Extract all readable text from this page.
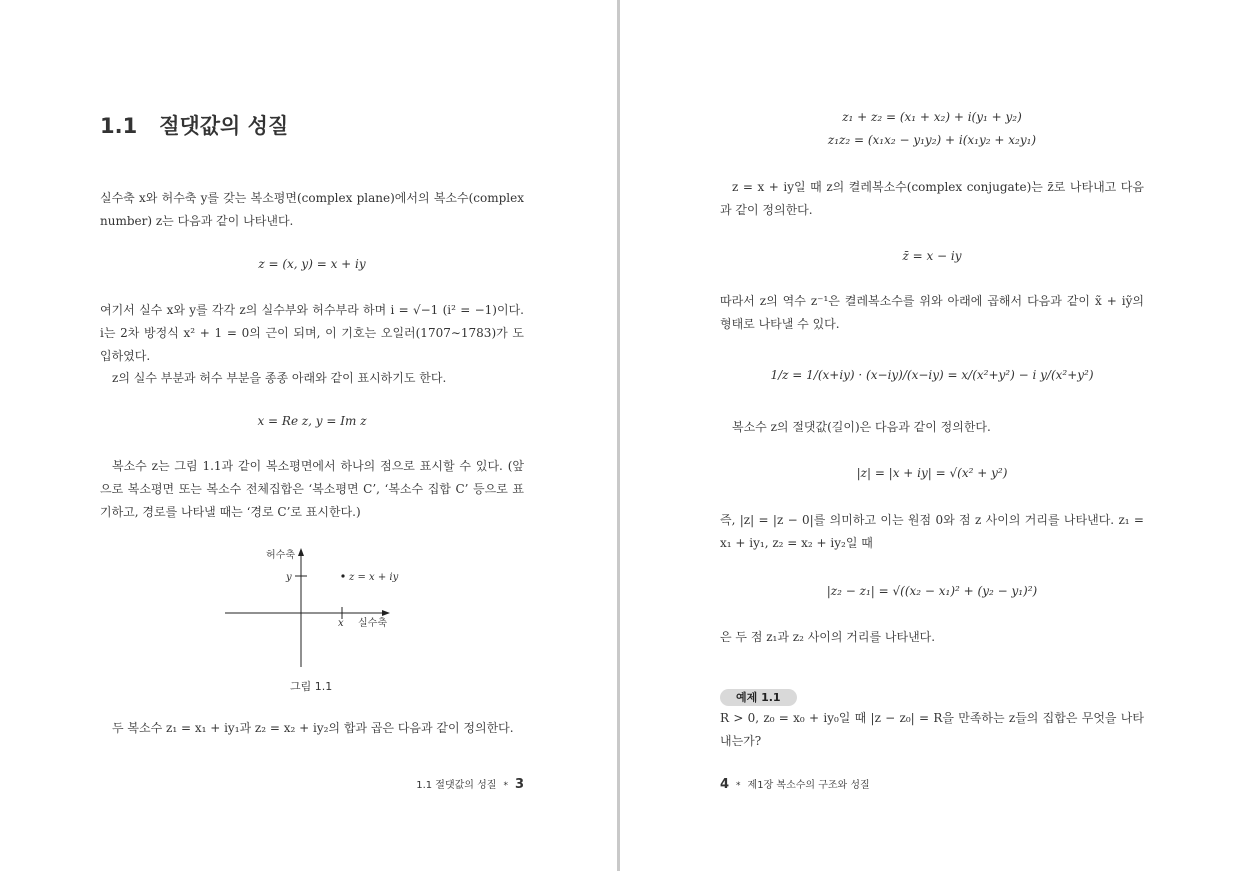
1.1 절댓값의 성질
실수축 x와 허수축 y를 갖는 복소평면(complex plane)에서의 복소수(complex number) z는 다음과 같이 나타낸다.
z = (x, y) = x + iy
여기서 실수 x와 y를 각각 z의 실수부와 허수부라 하며 i = √−1 (i² = −1)이다. i는 2차 방정식 x² + 1 = 0의 근이 되며, 이 기호는 오일러(1707∼1783)가 도입하였다.
z의 실수 부분과 허수 부분을 종종 아래와 같이 표시하기도 한다.
x = Re z, y = Im z
복소수 z는 그림 1.1과 같이 복소평면에서 하나의 점으로 표시할 수 있다. (앞으로 복소평면 또는 복소수 전체집합은 ‘복소평면 C’, ‘복소수 집합 C’ 등으로 표기하고, 경로를 나타낼 때는 ‘경로 C’로 표시한다.)
허수축
y	z = x + iy
x 실수축
그림 1.1
두 복소수 z₁ = x₁ + iy₁과 z₂ = x₂ + iy₂의 합과 곱은 다음과 같이 정의한다.
1.1 절댓값의 성질 * 3
z₁ + z₂ = (x₁ + x₂) + i(y₁ + y₂)
z₁z₂ = (x₁x₂ − y₁y₂) + i(x₁y₂ + x₂y₁)
z = x + iy일 때 z의 켤레복소수(complex conjugate)는 z̄로 나타내고 다음과 같이 정의한다.
z̄ = x − iy
따라서 z의 역수 z⁻¹은 켤레복소수를 위와 아래에 곱해서 다음과 같이 x̃ + iỹ의 형태로 나타낼 수 있다.
1/z = 1/(x+iy) · (x−iy)/(x−iy) = x/(x²+y²) − i y/(x²+y²)
복소수 z의 절댓값(길이)은 다음과 같이 정의한다.
|z| = |x + iy| = √(x² + y²)
즉, |z| = |z − 0|를 의미하고 이는 원점 0와 점 z 사이의 거리를 나타낸다. z₁ = x₁ + iy₁, z₂ = x₂ + iy₂일 때
|z₂ − z₁| = √((x₂ − x₁)² + (y₂ − y₁)²)
은 두 점 z₁과 z₂ 사이의 거리를 나타낸다.
예제 1.1
R > 0, z₀ = x₀ + iy₀일 때 |z − z₀| = R을 만족하는 z들의 집합은 무엇을 나타내는가?
4 * 제1장 복소수의 구조와 성질
